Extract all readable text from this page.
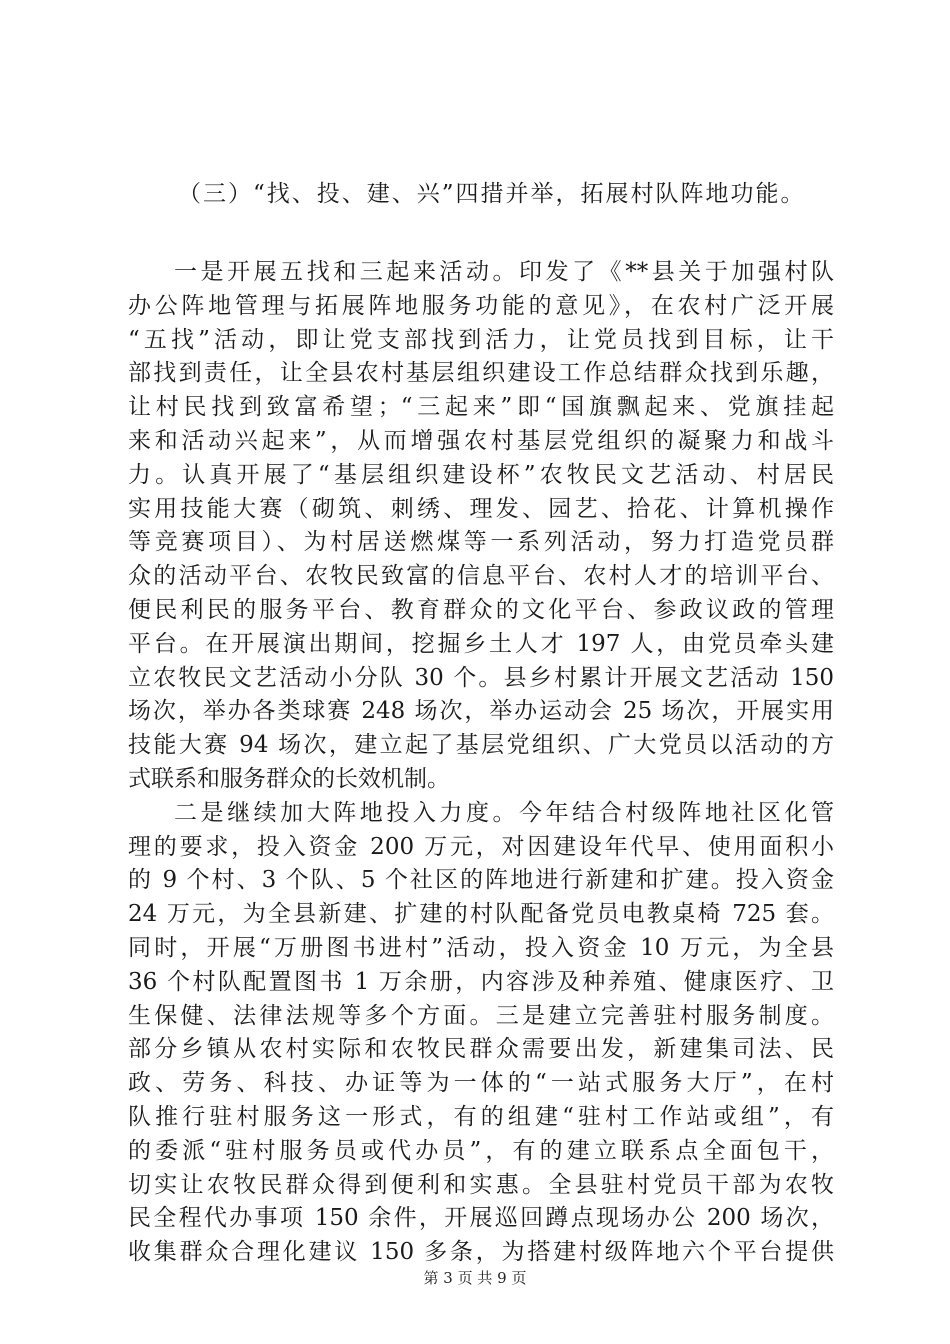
（三）“找、投、建、兴”四措并举，拓展村队阵地功能。
一是开展五找和三起来活动。印发了《**县关于加强村队
办公阵地管理与拓展阵地服务功能的意见》，在农村广泛开展
“五找”活动，即让党支部找到活力，让党员找到目标，让干
部找到责任，让全县农村基层组织建设工作总结群众找到乐趣，
让村民找到致富希望；“三起来”即“国旗飘起来、党旗挂起
来和活动兴起来”，从而增强农村基层党组织的凝聚力和战斗
力。认真开展了“基层组织建设杯”农牧民文艺活动、村居民
实用技能大赛（砌筑、刺绣、理发、园艺、拾花、计算机操作
等竞赛项目）、为村居送燃煤等一系列活动，努力打造党员群
众的活动平台、农牧民致富的信息平台、农村人才的培训平台、
便民利民的服务平台、教育群众的文化平台、参政议政的管理
平台。在开展演出期间，挖掘乡土人才 197 人，由党员牵头建
立农牧民文艺活动小分队 30 个。县乡村累计开展文艺活动 150
场次，举办各类球赛 248 场次，举办运动会 25 场次，开展实用
技能大赛 94 场次，建立起了基层党组织、广大党员以活动的方
式联系和服务群众的长效机制。
二是继续加大阵地投入力度。今年结合村级阵地社区化管
理的要求，投入资金 200 万元，对因建设年代早、使用面积小
的 9 个村、3 个队、5 个社区的阵地进行新建和扩建。投入资金
24 万元，为全县新建、扩建的村队配备党员电教桌椅 725 套。
同时，开展“万册图书进村”活动，投入资金 10 万元，为全县
36 个村队配置图书 1 万余册，内容涉及种养殖、健康医疗、卫
生保健、法律法规等多个方面。三是建立完善驻村服务制度。
部分乡镇从农村实际和农牧民群众需要出发，新建集司法、民
政、劳务、科技、办证等为一体的“一站式服务大厅”，在村
队推行驻村服务这一形式，有的组建“驻村工作站或组”，有
的委派“驻村服务员或代办员”，有的建立联系点全面包干，
切实让农牧民群众得到便利和实惠。全县驻村党员干部为农牧
民全程代办事项 150 余件，开展巡回蹲点现场办公 200 场次，
收集群众合理化建议 150 多条，为搭建村级阵地六个平台提供
第 3 页 共 9 页
